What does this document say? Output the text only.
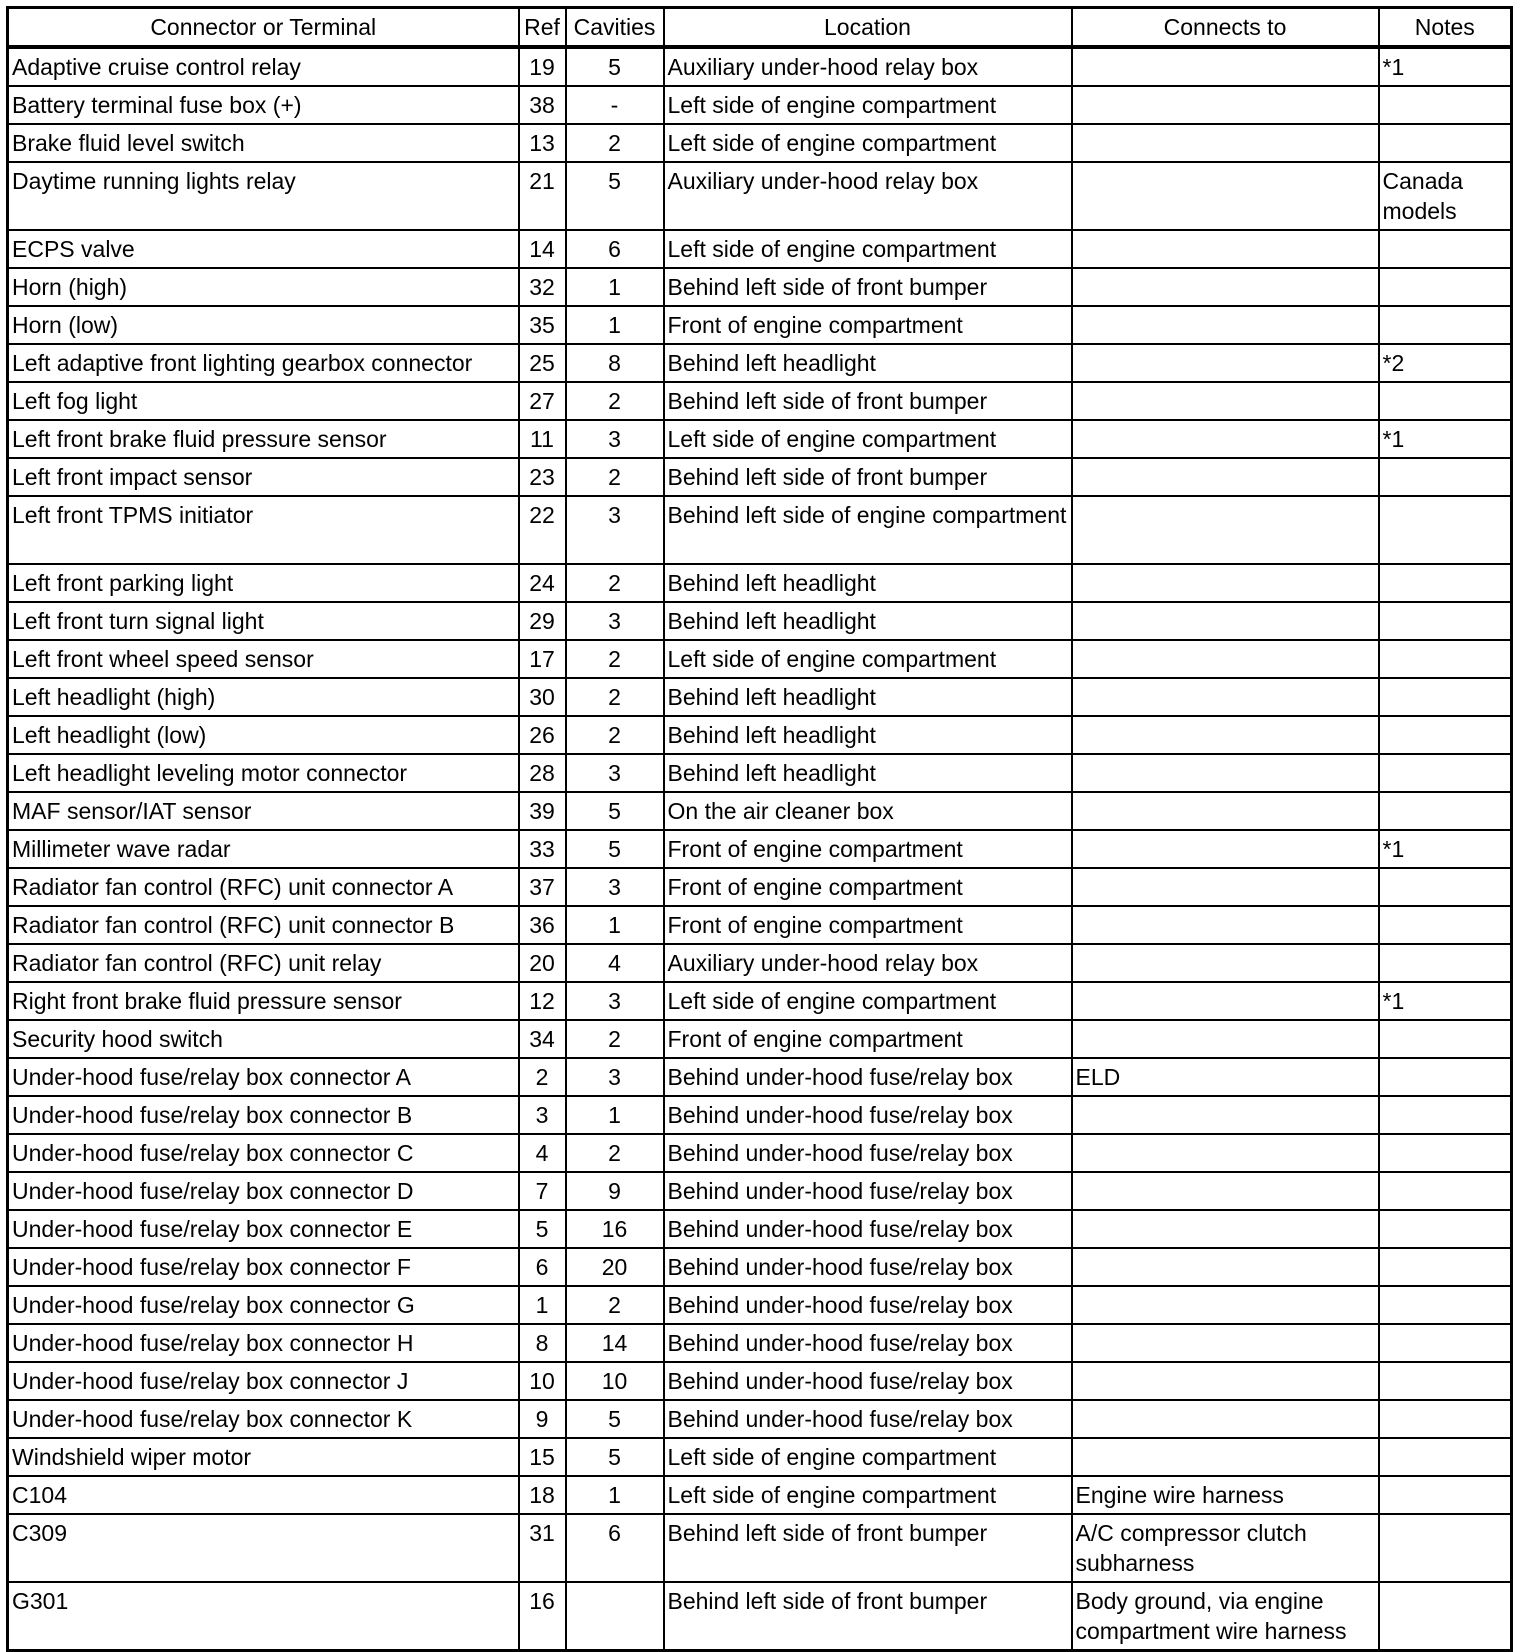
Connector or Terminal	Ref	Cavities	Location	Connects to	Notes
Adaptive cruise control relay	19	5	Auxiliary under-hood relay box		*1
Battery terminal fuse box (+)	38	-	Left side of engine compartment		
Brake fluid level switch	13	2	Left side of engine compartment		
Daytime running lights relay	21	5	Auxiliary under-hood relay box		Canada models
ECPS valve	14	6	Left side of engine compartment		
Horn (high)	32	1	Behind left side of front bumper		
Horn (low)	35	1	Front of engine compartment		
Left adaptive front lighting gearbox connector	25	8	Behind left headlight		*2
Left fog light	27	2	Behind left side of front bumper		
Left front brake fluid pressure sensor	11	3	Left side of engine compartment		*1
Left front impact sensor	23	2	Behind left side of front bumper		
Left front TPMS initiator	22	3	Behind left side of engine compartment		
Left front parking light	24	2	Behind left headlight		
Left front turn signal light	29	3	Behind left headlight		
Left front wheel speed sensor	17	2	Left side of engine compartment		
Left headlight (high)	30	2	Behind left headlight		
Left headlight (low)	26	2	Behind left headlight		
Left headlight leveling motor connector	28	3	Behind left headlight		
MAF sensor/IAT sensor	39	5	On the air cleaner box		
Millimeter wave radar	33	5	Front of engine compartment		*1
Radiator fan control (RFC) unit connector A	37	3	Front of engine compartment		
Radiator fan control (RFC) unit connector B	36	1	Front of engine compartment		
Radiator fan control (RFC) unit relay	20	4	Auxiliary under-hood relay box		
Right front brake fluid pressure sensor	12	3	Left side of engine compartment		*1
Security hood switch	34	2	Front of engine compartment		
Under-hood fuse/relay box connector A	2	3	Behind under-hood fuse/relay box	ELD	
Under-hood fuse/relay box connector B	3	1	Behind under-hood fuse/relay box		
Under-hood fuse/relay box connector C	4	2	Behind under-hood fuse/relay box		
Under-hood fuse/relay box connector D	7	9	Behind under-hood fuse/relay box		
Under-hood fuse/relay box connector E	5	16	Behind under-hood fuse/relay box		
Under-hood fuse/relay box connector F	6	20	Behind under-hood fuse/relay box		
Under-hood fuse/relay box connector G	1	2	Behind under-hood fuse/relay box		
Under-hood fuse/relay box connector H	8	14	Behind under-hood fuse/relay box		
Under-hood fuse/relay box connector J	10	10	Behind under-hood fuse/relay box		
Under-hood fuse/relay box connector K	9	5	Behind under-hood fuse/relay box		
Windshield wiper motor	15	5	Left side of engine compartment		
C104	18	1	Left side of engine compartment	Engine wire harness	
C309	31	6	Behind left side of front bumper	A/C compressor clutch subharness	
G301	16		Behind left side of front bumper	Body ground, via engine compartment wire harness	
